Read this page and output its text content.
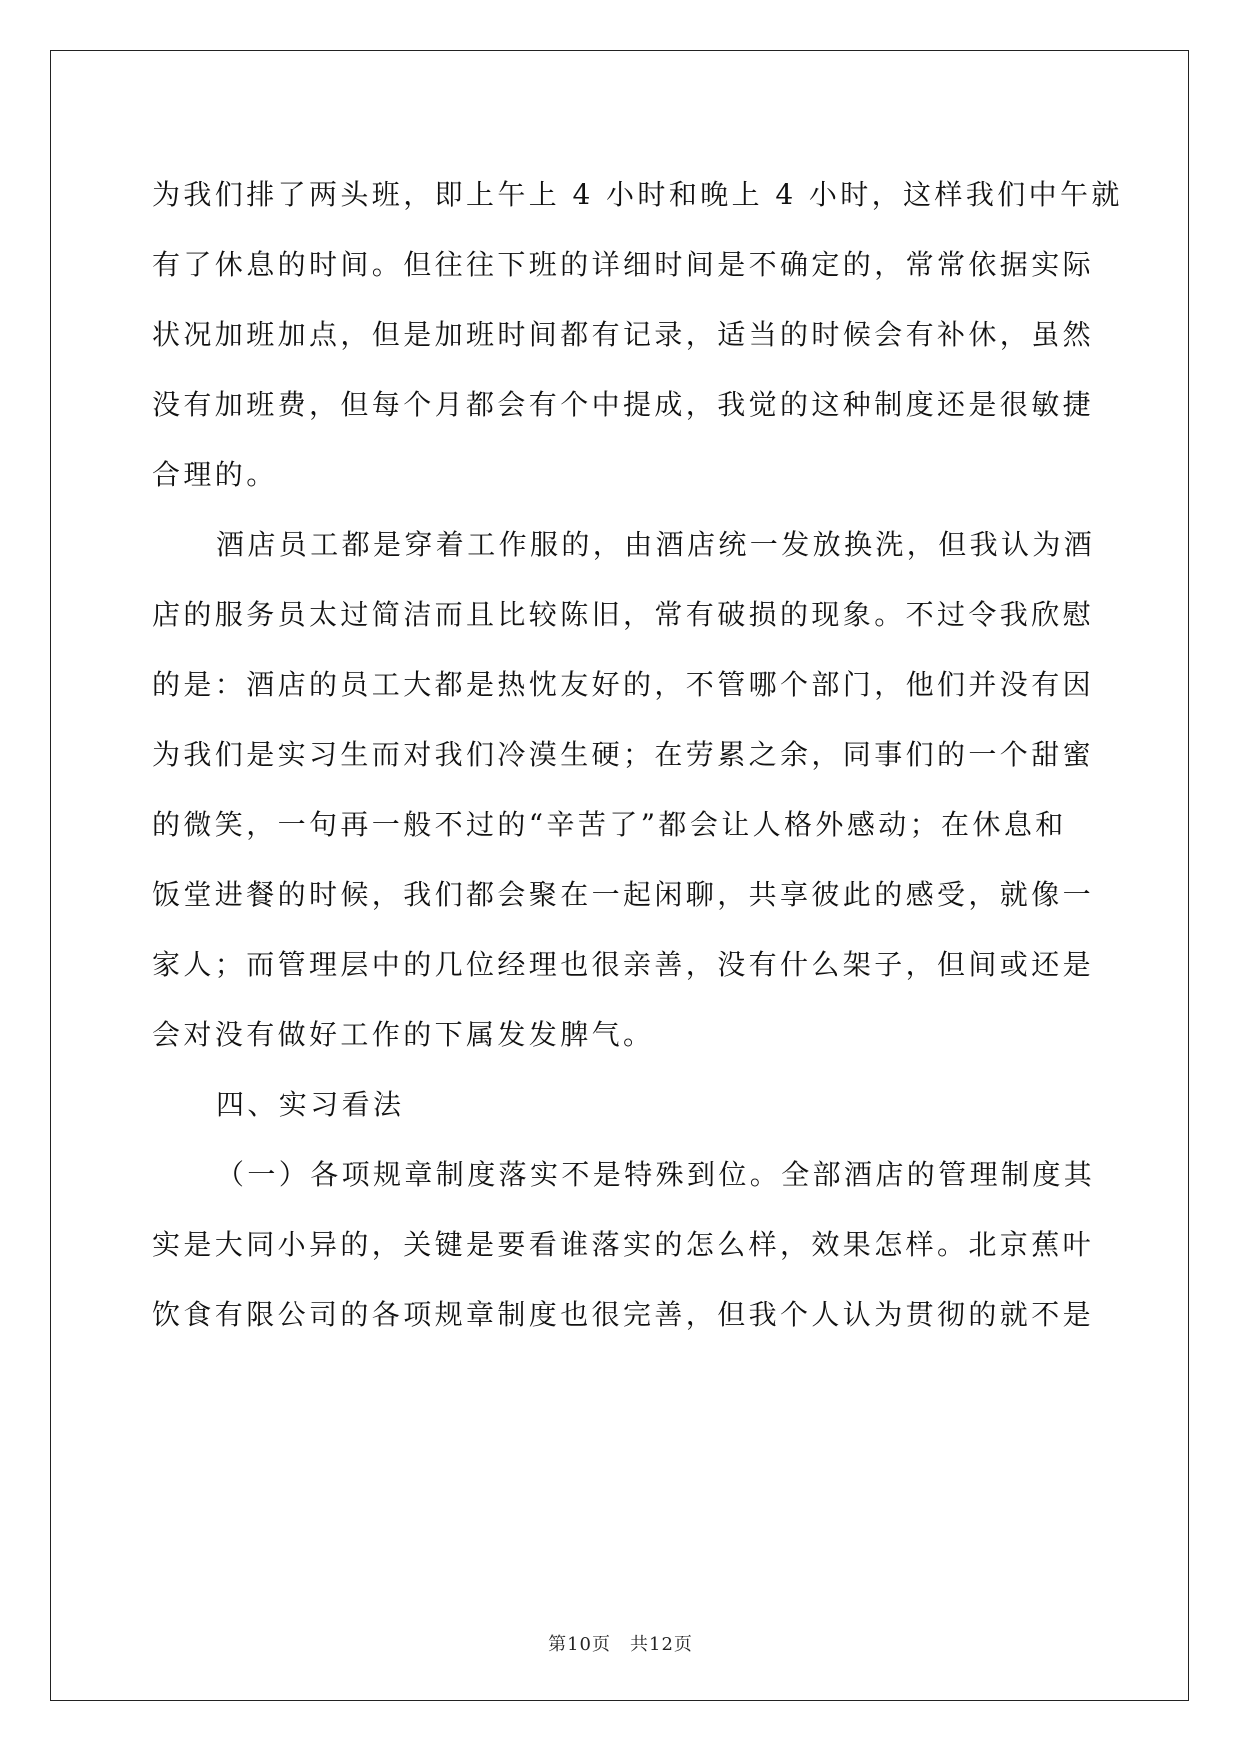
为我们排了两头班，即上午上 4 小时和晚上 4 小时，这样我们中午就
有了休息的时间。但往往下班的详细时间是不确定的，常常依据实际
状况加班加点，但是加班时间都有记录，适当的时候会有补休，虽然
没有加班费，但每个月都会有个中提成，我觉的这种制度还是很敏捷
合理的。
酒店员工都是穿着工作服的，由酒店统一发放换洗，但我认为酒
店的服务员太过简洁而且比较陈旧，常有破损的现象。不过令我欣慰
的是：酒店的员工大都是热忱友好的，不管哪个部门，他们并没有因
为我们是实习生而对我们冷漠生硬；在劳累之余，同事们的一个甜蜜
的微笑，一句再一般不过的“辛苦了”都会让人格外感动；在休息和
饭堂进餐的时候，我们都会聚在一起闲聊，共享彼此的感受，就像一
家人；而管理层中的几位经理也很亲善，没有什么架子，但间或还是
会对没有做好工作的下属发发脾气。
四、实习看法
（一）各项规章制度落实不是特殊到位。全部酒店的管理制度其
实是大同小异的，关键是要看谁落实的怎么样，效果怎样。北京蕉叶
饮食有限公司的各项规章制度也很完善，但我个人认为贯彻的就不是
第10页　共12页
